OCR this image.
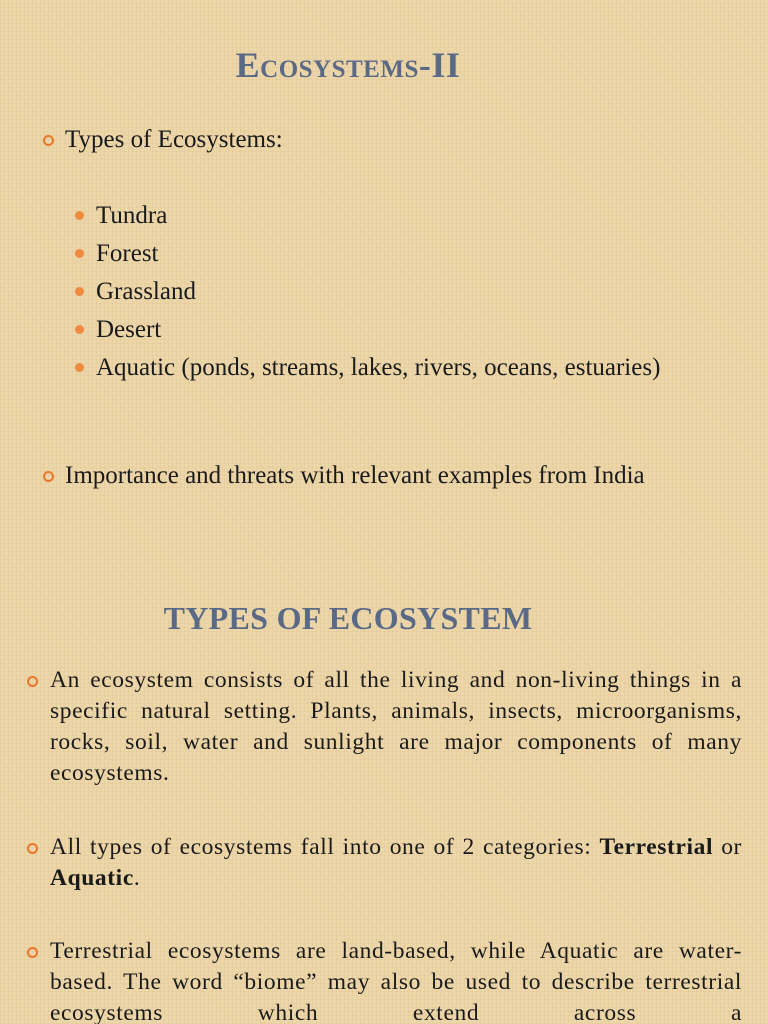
Ecosystems-II
Types of Ecosystems:
Tundra
Forest
Grassland
Desert
Aquatic (ponds, streams, lakes, rivers, oceans, estuaries)
Importance and threats with relevant examples from India
TYPES OF ECOSYSTEM
An ecosystem consists of all the living and non-living things in a specific natural setting. Plants, animals, insects, microorganisms, rocks, soil, water and sunlight are major components of many ecosystems.
All types of ecosystems fall into one of 2 categories: Terrestrial or Aquatic.
Terrestrial ecosystems are land-based, while Aquatic are water-based. The word “biome” may also be used to describe terrestrial ecosystems which extend across a
